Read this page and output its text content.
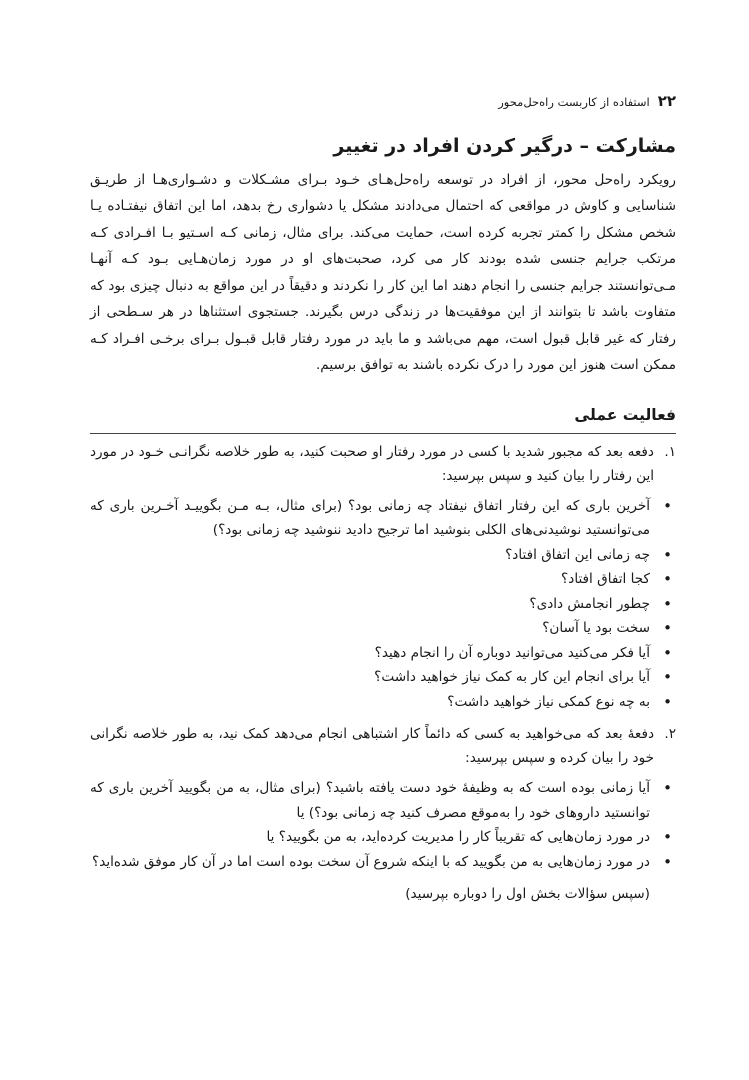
۲۲
استفاده از کاربست راه‌حل‌محور
مشارکت – درگیر کردن افراد در تغییر

رویکرد راه‌حل محور، از افراد در توسعه راه‌حل‌هـای خـود بـرای مشـکلات و دشـواری‌هـا از طریـق شناسایی و کاوش در مواقعی که احتمال می‌دادند مشکل یا دشواری رخ بدهد، اما این اتفاق نیفتـاده یـا شخص مشکل را کمتر تجربه کرده است، حمایت می‌کند. برای مثال، زمانی کـه اسـتیو بـا افـرادی کـه مرتکب جرایم جنسی شده بودند کار می کرد، صحبت‌های او در مورد زمان‌هـایی بـود کـه آنهـا مـی‌توانستند جرایم جنسی را انجام دهند اما این کار را نکردند و دقیقاً در این مواقع به دنبال چیزی بود که متفاوت باشد تا بتوانند از این موفقیت‌ها در زندگی درس بگیرند. جستجوی استثناها در هر سـطحی از رفتار که غیر قابل قبول است، مهم می‌باشد و ما باید در مورد رفتار قابل قبـول بـرای برخـی افـراد کـه ممکن است هنوز این مورد را درک نکرده باشند به توافق برسیم.

فعالیت عملی
۱.
دفعه بعد که مجبور شدید با کسی در مورد رفتار او صحبت کنید، به طور خلاصه نگرانـی خـود در مورد این رفتار را بیان کنید و سپس بپرسید:
• آخرین باری که این رفتار اتفاق نیفتاد چه زمانی بود؟ (برای مثال، بـه مـن بگوییـد آخـرین باری که می‌توانستید نوشیدنی‌های الکلی بنوشید اما ترجیح دادید ننوشید چه زمانی بود؟)
• چه زمانی این اتفاق افتاد؟
• کجا اتفاق افتاد؟
• چطور انجامش دادی؟
• سخت بود یا آسان؟
• آیا فکر می‌کنید می‌توانید دوباره آن را انجام دهید؟
• آیا برای انجام این کار به کمک نیاز خواهید داشت؟
• به چه نوع کمکی نیاز خواهید داشت؟
۲.
دفعهٔ بعد که می‌خواهید به کسی که دائماً کار اشتباهی انجام می‌دهد کمک نید، به طور خلاصه نگرانی خود را بیان کرده و سپس بپرسید:
• آیا زمانی بوده است که به وظیفهٔ خود دست یافته باشید؟ (برای مثال، به من بگویید آخرین باری که توانستید داروهای خود را به‌موقع مصرف کنید چه زمانی بود؟) یا
• در مورد زمان‌هایی که تقریباً کار را مدیریت کرده‌اید، به من بگویید؟ یا
• در مورد زمان‌هایی به من بگویید که با اینکه شروع آن سخت بوده است اما در آن کار موفق شده‌اید؟

(سپس سؤالات بخش اول را دوباره بپرسید)
